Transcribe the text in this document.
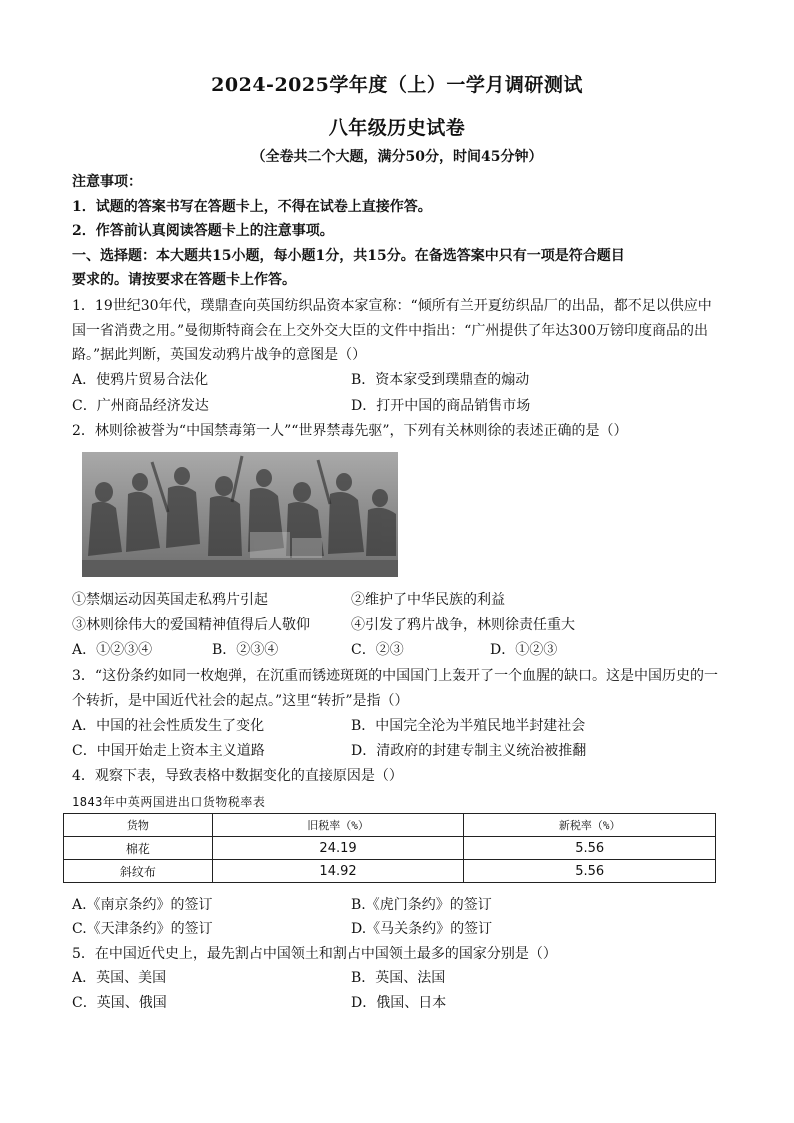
2024-2025学年度（上）一学月调研测试
八年级历史试卷
（全卷共二个大题，满分50分，时间45分钟）
注意事项：
1．试题的答案书写在答题卡上，不得在试卷上直接作答。
2．作答前认真阅读答题卡上的注意事项。
一、选择题：本大题共15小题，每小题1分，共15分。在备选答案中只有一项是符合题目
要求的。请按要求在答题卡上作答。
1．19世纪30年代，璞鼎查向英国纺织品资本家宣称：“倾所有兰开夏纺织品厂的出品，都不足以供应中
国一省消费之用。”曼彻斯特商会在上交外交大臣的文件中指出：“广州提供了年达300万镑印度商品的出
路。”据此判断，英国发动鸦片战争的意图是（）
A．使鸦片贸易合法化	B．资本家受到璞鼎查的煽动
C．广州商品经济发达	D．打开中国的商品销售市场
2．林则徐被誉为“中国禁毒第一人”“世界禁毒先驱”，下列有关林则徐的表述正确的是（）
①禁烟运动因英国走私鸦片引起	②维护了中华民族的利益
③林则徐伟大的爱国精神值得后人敬仰	④引发了鸦片战争，林则徐责任重大
A．①②③④	B．②③④	C．②③	D．①②③
3．“这份条约如同一枚炮弹，在沉重而锈迹斑斑的中国国门上轰开了一个血腥的缺口。这是中国历史的一
个转折，是中国近代社会的起点。”这里“转折”是指（）
A．中国的社会性质发生了变化	B．中国完全沦为半殖民地半封建社会
C．中国开始走上资本主义道路	D．清政府的封建专制主义统治被推翻
4．观察下表，导致表格中数据变化的直接原因是（）
1843年中英两国进出口货物税率表
货物	旧税率（%）	新税率（%）
棉花	24.19	5.56
斜纹布	14.92	5.56
A.《南京条约》的签订	B.《虎门条约》的签订
C.《天津条约》的签订	D.《马关条约》的签订
5．在中国近代史上，最先割占中国领土和割占中国领土最多的国家分别是（）
A．英国、美国	B．英国、法国
C．英国、俄国	D．俄国、日本
